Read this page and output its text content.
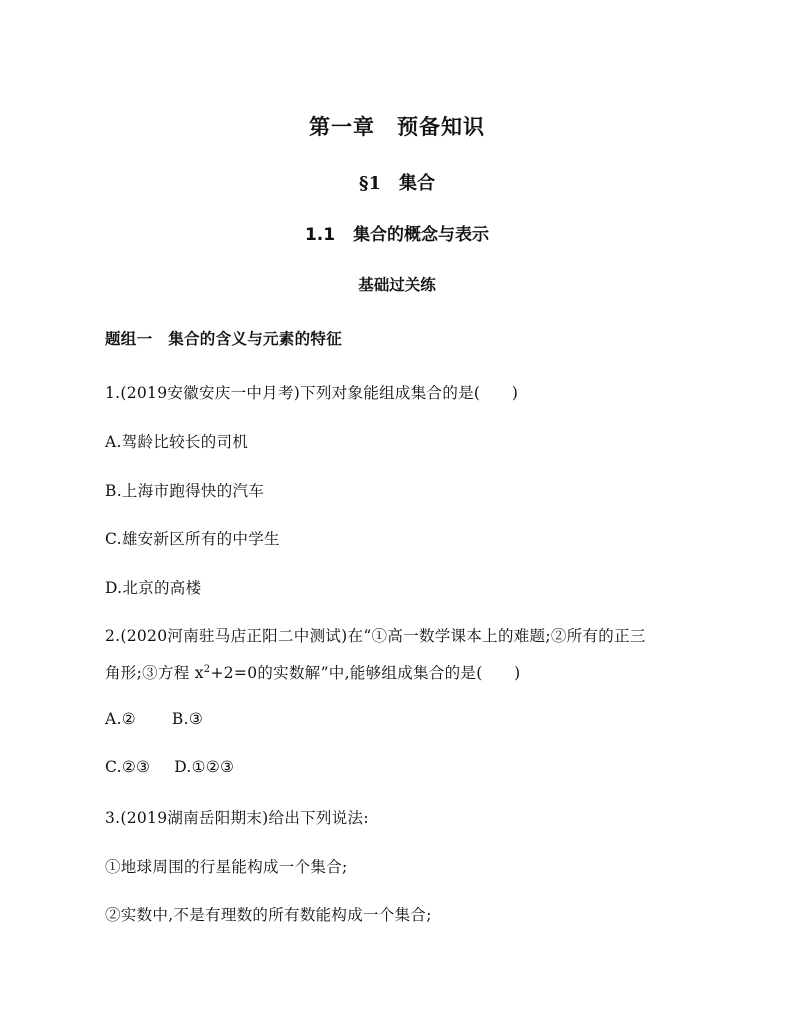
第一章 预备知识
§1 集合
1.1 集合的概念与表示
基础过关练
题组一　集合的含义与元素的特征
1.(2019安徽安庆一中月考)下列对象能组成集合的是(　　)
A.驾龄比较长的司机
B.上海市跑得快的汽车
C.雄安新区所有的中学生
D.北京的高楼
2.(2020河南驻马店正阳二中测试)在“①高一数学课本上的难题;②所有的正三
角形;③方程 $x^2+2=0$的实数解”中,能够组成集合的是(　　)
A.② B.③
C.②③ D.①②③
3.(2019湖南岳阳期末)给出下列说法:
①地球周围的行星能构成一个集合;
②实数中,不是有理数的所有数能构成一个集合;
